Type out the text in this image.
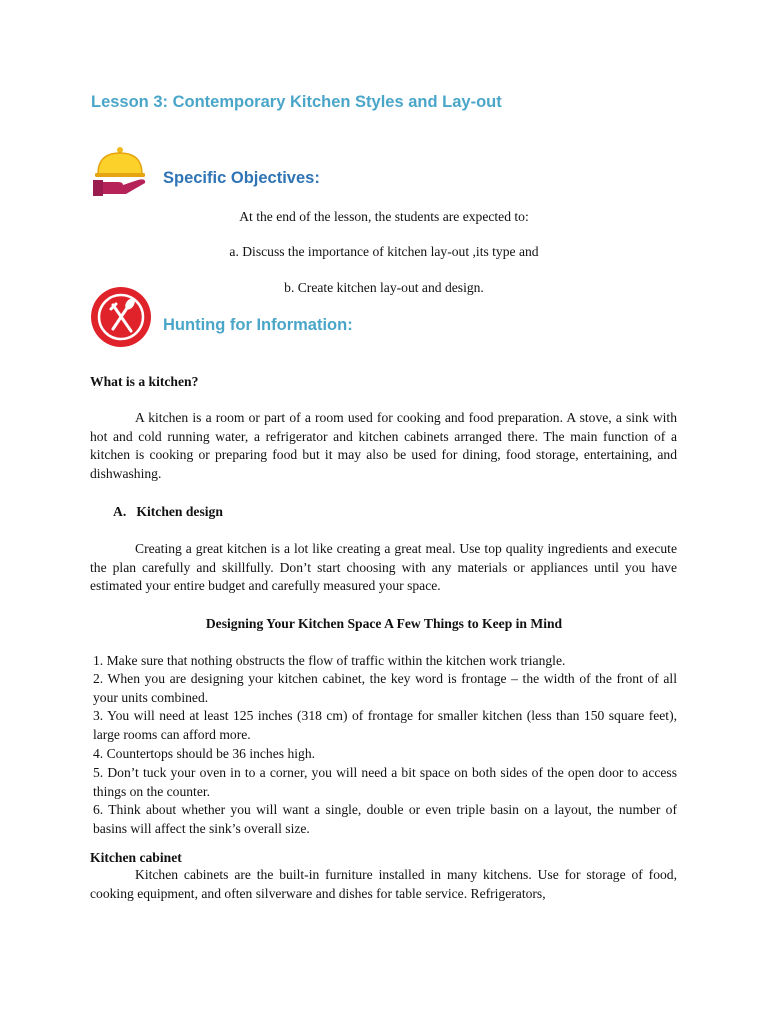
Lesson 3: Contemporary Kitchen Styles and Lay-out
Specific Objectives:
At the end of the lesson, the students are expected to:
a. Discuss the importance of kitchen lay-out ,its type and
b. Create kitchen lay-out and design.
Hunting for Information:
What is a kitchen?
A kitchen is a room or part of a room used for cooking and food preparation. A stove, a sink with hot and cold running water, a refrigerator and kitchen cabinets arranged there. The main function of a kitchen is cooking or preparing food but it may also be used for dining, food storage, entertaining, and dishwashing.
A.   Kitchen design
Creating a great kitchen is a lot like creating a great meal. Use top quality ingredients and execute the plan carefully and skillfully. Don’t start choosing with any materials or appliances until you have estimated your entire budget and carefully measured your space.
Designing Your Kitchen Space A Few Things to Keep in Mind
1. Make sure that nothing obstructs the flow of traffic within the kitchen work triangle.
2. When you are designing your kitchen cabinet, the key word is frontage – the width of the front of all your units combined.
3. You will need at least 125 inches (318 cm) of frontage for smaller kitchen (less than 150 square feet), large rooms can afford more.
4. Countertops should be 36 inches high.
5. Don’t tuck your oven in to a corner, you will need a bit space on both sides of the open door to access things on the counter.
6. Think about whether you will want a single, double or even triple basin on a layout, the number of basins will affect the sink’s overall size.
Kitchen cabinet
Kitchen cabinets are the built-in furniture installed in many kitchens. Use for storage of food, cooking equipment, and often silverware and dishes for table service. Refrigerators,
